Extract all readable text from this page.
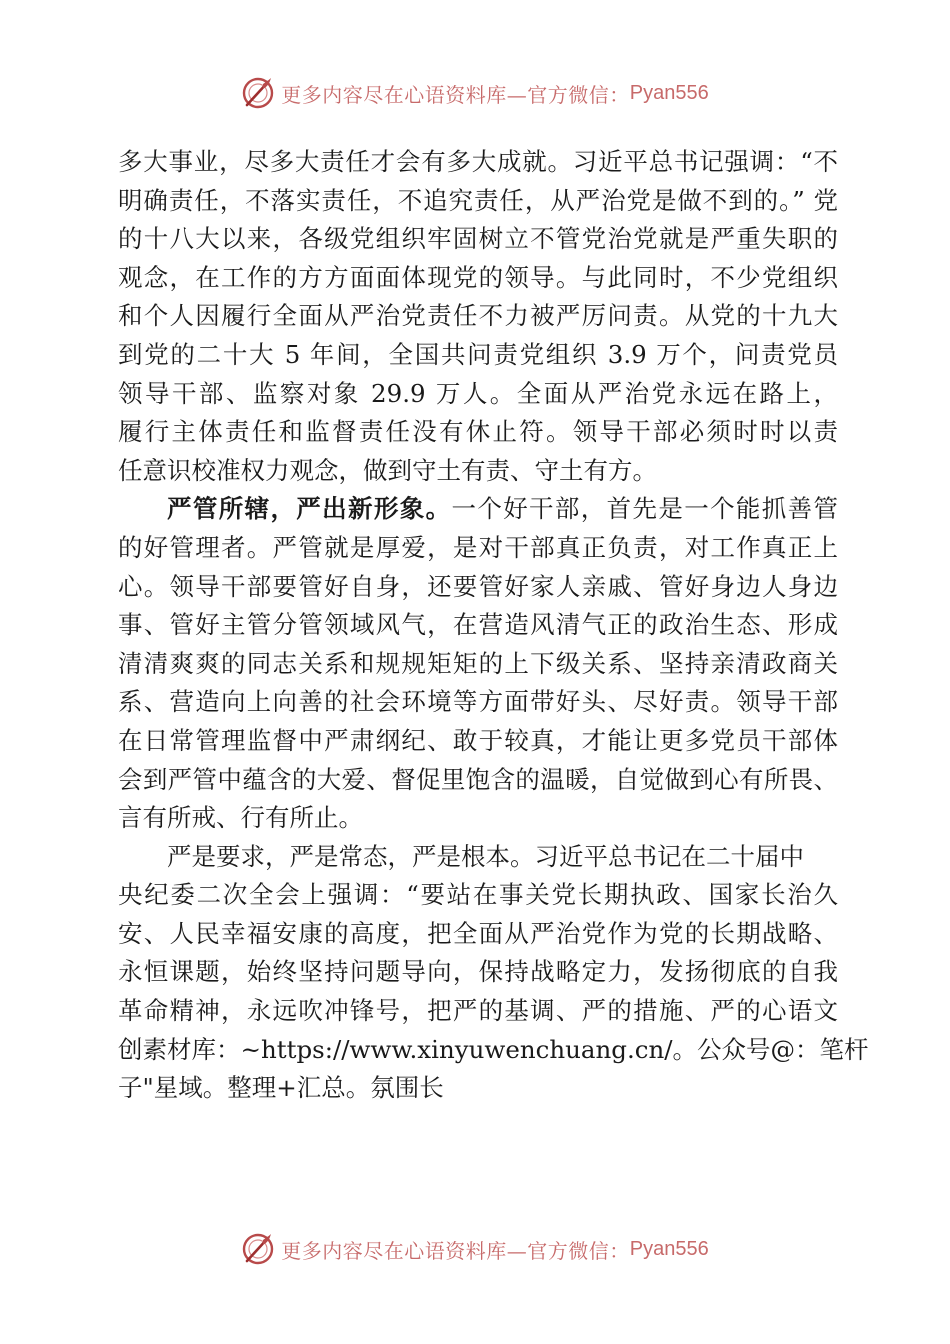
更多内容尽在心语资料库—官方微信： Pyan556
多大事业，尽多大责任才会有多大成就。习近平总书记强调：“不
明确责任，不落实责任，不追究责任，从严治党是做不到的。” 党
的十八大以来，各级党组织牢固树立不管党治党就是严重失职的
观念，在工作的方方面面体现党的领导。与此同时，不少党组织
和个人因履行全面从严治党责任不力被严厉问责。从党的十九大
到党的二十大 5 年间，全国共问责党组织 3.9 万个，问责党员
领导干部、监察对象 29.9 万人。全面从严治党永远在路上，
履行主体责任和监督责任没有休止符。领导干部必须时时以责
任意识校准权力观念，做到守土有责、守土有方。
严管所辖，严出新形象。一个好干部，首先是一个能抓善管
的好管理者。严管就是厚爱，是对干部真正负责，对工作真正上
心。领导干部要管好自身，还要管好家人亲戚、管好身边人身边
事、管好主管分管领域风气，在营造风清气正的政治生态、形成
清清爽爽的同志关系和规规矩矩的上下级关系、坚持亲清政商关
系、营造向上向善的社会环境等方面带好头、尽好责。领导干部
在日常管理监督中严肃纲纪、敢于较真，才能让更多党员干部体
会到严管中蕴含的大爱、督促里饱含的温暖，自觉做到心有所畏、
言有所戒、行有所止。
严是要求，严是常态，严是根本。习近平总书记在二十届中
央纪委二次全会上强调：“要站在事关党长期执政、国家长治久
安、人民幸福安康的高度，把全面从严治党作为党的长期战略、
永恒课题，始终坚持问题导向，保持战略定力，发扬彻底的自我
革命精神，永远吹冲锋号，把严的基调、严的措施、严的心语文
创素材库：~https://www.xinyuwenchuang.cn/。公众号@：笔杆
子"星域。整理+汇总。氛围长
更多内容尽在心语资料库—官方微信： Pyan556
